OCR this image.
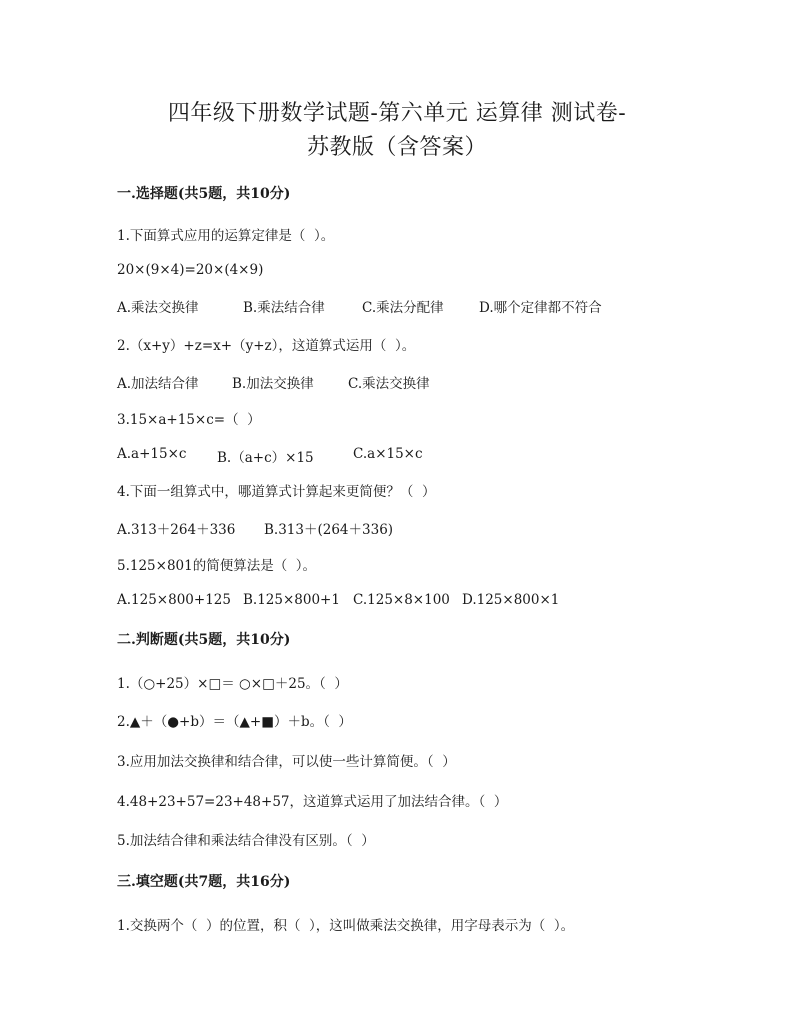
四年级下册数学试题-第六单元 运算律 测试卷-
苏教版（含答案）
一.选择题(共5题，共10分)
1.下面算式应用的运算定律是（  ）。
20×(9×4)=20×(4×9)
A.乘法交换律	B.乘法结合律	C.乘法分配律	D.哪个定律都不符合
2.（x+y）+z=x+（y+z），这道算式运用（  ）。
A.加法结合律 B.加法交换律	C.乘法交换律
3.15×a+15×c=（  ）
A.a+15×c B.（a+c）×15	C.a×15×c
4.下面一组算式中，哪道算式计算起来更简便？（  ）
A.313＋264＋336 B.313＋(264＋336)
5.125×801的简便算法是（  ）。
A.125×800+125 B.125×800+1 C.125×8×100 D.125×800×1
二.判断题(共5题，共10分)
1.（○+25）×□＝ ○×□＋25。（  ）
2.▲＋（●+b）＝（▲+■）＋b。（  ）
3.应用加法交换律和结合律，可以使一些计算简便。（  ）
4.48+23+57=23+48+57，这道算式运用了加法结合律。（  ）
5.加法结合律和乘法结合律没有区别。（  ）
三.填空题(共7题，共16分)
1.交换两个（  ）的位置，积（  ），这叫做乘法交换律，用字母表示为（  ）。
